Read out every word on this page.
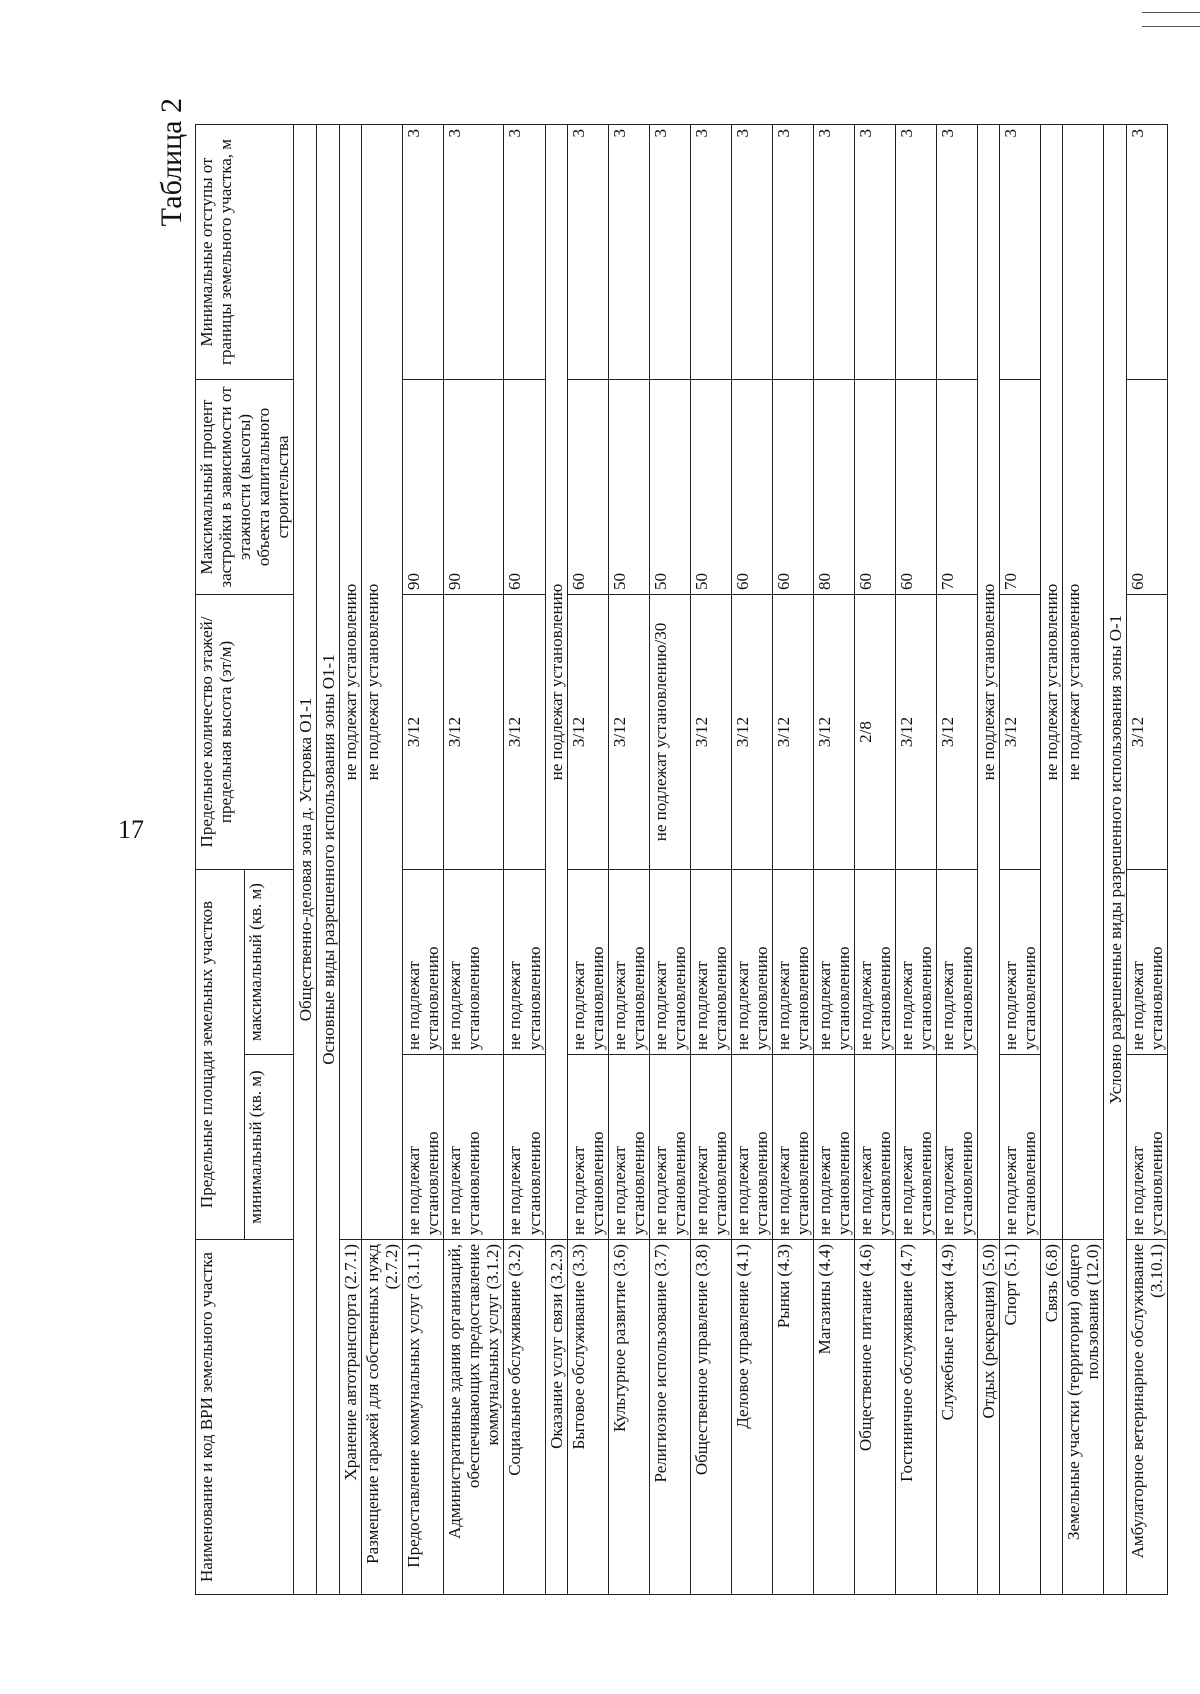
17
Таблица 2
Наименование и код ВРИ земельного участка	Предельные площади земельных участков		Предельное количество этажей/предельная высота (эт/м)	Максимальный процент застройки в зависимости от этажности (высоты) объекта капитального строительства	Минимальные отступы от границы земельного участка, м
	минимальный (кв. м)	максимальный (кв. м)			
Общественно-деловая зона д. Устровка О1-1					
Основные виды разрешенного использования зоны О1-1					
Хранение автотранспорта (2.7.1)	не подлежат установлению				
Размещение гаражей для собственных нужд (2.7.2)	не подлежат установлению				
Предоставление коммунальных услуг (3.1.1)	не подлежат установлению	не подлежат установлению	3/12	90	3
Административные здания организаций, обеспечивающих предоставление коммунальных услуг (3.1.2)	не подлежат установлению	не подлежат установлению	3/12	90	3
Социальное обслуживание (3.2)	не подлежат установлению	не подлежат установлению	3/12	60	3
Оказание услуг связи (3.2.3)	не подлежат установлению				
Бытовое обслуживание (3.3)	не подлежат установлению	не подлежат установлению	3/12	60	3
Культурное развитие (3.6)	не подлежат установлению	не подлежат установлению	3/12	50	3
Религиозное использование (3.7)	не подлежат установлению	не подлежат установлению	не подлежат установлению/30	50	3
Общественное управление (3.8)	не подлежат установлению	не подлежат установлению	3/12	50	3
Деловое управление (4.1)	не подлежат установлению	не подлежат установлению	3/12	60	3
Рынки (4.3)	не подлежат установлению	не подлежат установлению	3/12	60	3
Магазины (4.4)	не подлежат установлению	не подлежат установлению	3/12	80	3
Общественное питание (4.6)	не подлежат установлению	не подлежат установлению	2/8	60	3
Гостиничное обслуживание (4.7)	не подлежат установлению	не подлежат установлению	3/12	60	3
Служебные гаражи (4.9)	не подлежат установлению	не подлежат установлению	3/12	70	3
Отдых (рекреация) (5.0)	не подлежат установлению				
Спорт (5.1)	не подлежат установлению	не подлежат установлению	3/12	70	3
Связь (6.8)	не подлежат установлению				
Земельные участки (территории) общего пользования (12.0)	не подлежат установлению				
Условно разрешенные виды разрешенного использования зоны О-1					
Амбулаторное ветеринарное обслуживание (3.10.1)	не подлежат установлению	не подлежат установлению	3/12	60	3
